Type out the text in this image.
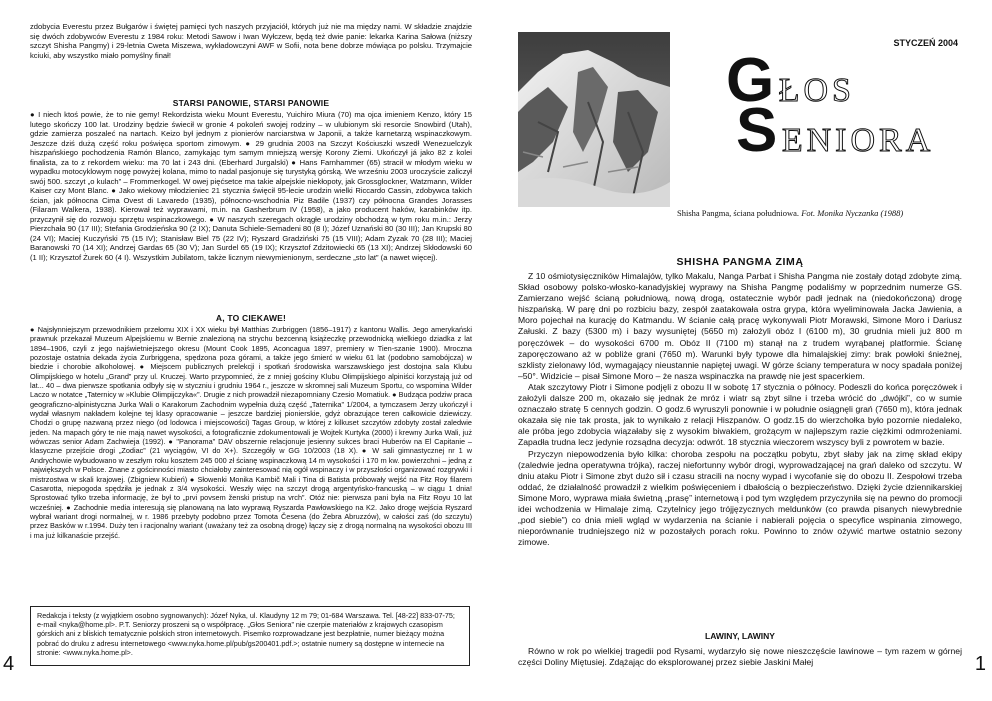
zdobycia Everestu przez Bułgarów i świętej pamięci tych naszych przyjaciół, których już nie ma między nami. W składzie znajdzie się dwóch zdobywców Everestu z 1984 roku: Metodi Sawow i Iwan Wyłczew, będą też dwie panie: lekarka Karina Sałowa (niższy szczyt Shisha Pangmy) i 29-letnia Cweta Miszewa, wykładowczyni AWF w Sofii, nota bene dobrze mówiąca po polsku. Trzymajcie kciuki, aby wszystko miało pomyślny finał!
STARSI PANOWIE, STARSI PANOWIE
● I niech ktoś powie, że to nie gemy! Rekordzista wieku Mount Everestu, Yuichiro Miura (70) ma ojca imieniem Kenzo, który 15 lutego skończy 100 lat. Urodziny będzie świecił w gronie 4 pokoleń swojej rodziny – w ulubionym ski resorcie Snowbird (Utah), gdzie zamierza poszaleć na nartach. Keizo był jednym z pionierów narciarstwa w Japonii, a także karnetarzą wspinaczkowym. Jeszcze dziś dużą część roku poświęca sportom zimowym. ● 29 grudnia 2003 na Szczyt Kościuszki wszedł Wenezuelczyk hiszpańskiego pochodzenia Ramón Blanco, zamykając tym samym mniejszą wersję Korony Ziemi. Ukończył já jako 82 z kolei finalista, za to z rekordem wieku: ma 70 lat i 243 dni. (Eberhard Jurgalski) ● Hans Farnhammer (65) stracił w młodym wieku w wypadku motocyklowym nogę powyżej kolana, mimo to nadal pasjonuje się turystyką górską. We wrześniu 2003 uroczyście zaliczył swój 500. szczyt „o kulach” – Frommerkogel. W owej pięćsetce ma takie alpejskie niekłopoty, jak Grossglockner, Watzmann, Wilder Kaiser czy Mont Blanc. ● Jako wiekowy młodzieniec 21 stycznia święcił 95-lecie urodzin wielki Riccardo Cassin, zdobywca takich ścian, jak północna Cima Ovest di Lavaredo (1935), północno-wschodnia Piz Badile (1937) czy północna Grandes Jorasses (Filaram Walkera, 1938). Kierował też wyprawami, m.in. na Gasherbrum IV (1958), a jako producent haków, karabinków itp. przyczynił się do rozwoju sprzętu wspinaczkowego. ● W naszych szeregach okrągłe urodziny obchodzą w tym roku m.in.: Jerzy Pierzchała 90 (17 III); Stefania Grodzieńska 90 (2 IX); Danuta Schiele-Semadeni 80 (8 I); Józef Uznański 80 (30 III); Jan Krupski 80 (24 VI); Maciej Kuczyński 75 (15 IV); Stanisław Biel 75 (22 IV); Ryszard Gradziński 75 (15 VIII); Adam Zyzak 70 (28 III); Maciej Baranowski 70 (14 XI); Andrzej Gardas 65 (30 V); Jan Surdel 65 (19 IX); Krzysztof Zdzitowiecki 65 (13 XI); Andrzej Skłodowski 60 (1 II); Krzysztof Żurek 60 (4 I). Wszystkim Jubilatom, także licznym niewymienionym, serdeczne „sto lat” (a nawet więcej).
A, TO CIEKAWE!
● Najsłynniejszym przewodnikiem przełomu XIX i XX wieku był Matthias Zurbriggen (1856–1917) z kantonu Wallis. Jego amerykański prawnuk przekazał Muzeum Alpejskiemu w Bernie znalezioną na strychu bezcenną książeczkę przewodnicką wielkiego dziadka z lat 1894–1906, czyli z jego najświetniejszego okresu (Mount Cook 1895, Aconcagua 1897, premiery w Tien-szanie 1900). Mroczna pozostaje ostatnia dekada życia Zurbriggena, spędzona poza górami, a także jego śmierć w wieku 61 lat (podobno samobójcza) w biedzie i chorobie alkoholowej. ● Miejscem publicznych prelekcji i spotkań środowiska warszawskiego jest dostojna sala Klubu Olimpijskiego w hotelu „Grand” przy ul. Kruczej. Warto przypomnieć, że z mniej gościny Klubu Olimpijskiego alpiniści korzystają już od lat... 40 – dwa pierwsze spotkania odbyły się w styczniu i grudniu 1964 r., jeszcze w skromnej sali Muzeum Sportu, co wspomina Wilder Laczo w notatce „Taternicy w »Klubie Olimpijczyka«”. Drugie z nich prowadził niezapomniany Czesio Momatiuk. ● Budząca podziw praca geograficzno-alpinistyczna Jurka Wali o Karakorum Zachodnim wypełnia dużą część „Taternika” 1/2004, a tymczasem Jerzy ukończył i wydał własnym nakładem kolejne tej klasy opracowanie – jeszcze bardziej pionierskie, gdyż obrazujące teren całkowicie dziewiczy. Chodzi o grupę nazwaną przez niego (od lodowca i miejscowości) Tagas Group, w której z kilkuset szczytów zdobyty został zaledwie jeden. Na mapach góry te nie mają nawet wysokości, a fotograficznie zdokumentowali je Wojtek Kurtyka (2000) i krewny Jurka Wali, już wówczas senior Adam Zachwieja (1992). ● "Panorama" DAV obszernie relacjonuje jesienny sukces braci Huberów na El Capitanie – klasyczne przejście drogi „Zodiac” (21 wyciągów, VI do X+). Szczegóły w GG 10/2003 (18 X). ● W sali gimnastycznej nr 1 w Andrychowie wybudowano w zeszłym roku kosztem 245 000 zł ścianę wspinaczkową 14 m wysokości i 170 m kw. powierzchni – jedną z największych w Polsce. Znane z gościnności miasto chciałoby zainteresować nią ogół wspinaczy i w przyszłości organizować rozgrywki i mistrzostwa w skali krajowej. (Zbigniew Kubień) ● Słowenki Monika Kambič Mali i Tina di Batista próbowały wejść na Fitz Roy filarem Casarotta, niepogoda spędziła je jednak z 3/4 wysokości. Weszły więc na szczyt drogą argentyńsko-francuską – w ciągu 1 dnia! Sprostować tylko trzeba informację, że był to „prvi povsem ženski pristup na vrch”. Otóż nie: pierwsza pani była na Fitz Royu 10 lat wcześniej. ● Zachodnie media interesują się planowaną na lato wyprawą Ryszarda Pawłowskiego na K2. Jako drogę wejścia Ryszard wybrał wariant drogi normalnej, w r. 1986 przebyty podobno przez Tomota Česena (do Żebra Abruzzów), w całości zaś (do szczytu) przez Basków w r.1994. Duży ten i racjonalny wariant (uważany też za osobną drogę) łączy się z drogą normalną na wysokości obozu III i ma już kilkanaście przejść.
Redakcja i teksty (z wyjątkiem osobno sygnowanych): Józef Nyka, ul. Klaudyny 12 m 79; 01-684 Warszawa. Tel. [48-22] 833-07-75; e-mail <nyka@home.pl>. P.T. Seniorzy proszeni są o współpracę. „Głos Seniora” nie czerpie materiałów z krajowych czasopism górskich ani z bliskich tematycznie polskich stron internetowych. Pisemko rozprowadzane jest bezpłatnie, numer bieżący można pobrać do druku z adresu internetowego <www.nyka.home.pl/pub/gs200401.pdf.>; ostatnie numery są dostępne w internecie na stronie: <www.nyka.home.pl>.
4
Shisha Pangma, ściana południowa. Fot. Monika Nyczanka (1988)
STYCZEŃ 2004
G ŁOS
S ENIORA
SHISHA PANGMA ZIMĄ

Z 10 ośmiotysięczników Himalajów, tylko Makalu, Nanga Parbat i Shisha Pangma nie zostały dotąd zdobyte zimą. Skład osobowy polsko-włosko-kanadyjskiej wyprawy na Shisha Pangmę podaliśmy w poprzednim numerze GS. Zamierzano wejść ścianą południową, nową drogą, ostatecznie wybór padł jednak na (niedokończoną) drogę hiszpańską. W parę dni po rozbiciu bazy, zespół zaatakowała ostra grypa, która wyeliminowała Jacka Jawienia, a Moro pojechał na kurację do Katmandu. W ścianie całą pracę wykonywali Piotr Morawski, Simone Moro i Dariusz Załuski. Z bazy (5300 m) i bazy wysuniętej (5650 m) założyli obóz I (6100 m), 30 grudnia mieli już 800 m poręczówek – do wysokości 6700 m. Obóz II (7100 m) stanął na z trudem wyrąbanej platformie. Ścianę zaporęczowano aż w pobliże grani (7650 m). Warunki były typowe dla himalajskiej zimy: brak powłoki śnieżnej, szklisty zielonawy lód, wymagający nieustannie napiętej uwagi. W górze ściany temperatura w nocy spadała poniżej –50°. Widzicie – pisał Simone Moro – że nasza wspinaczka na prawdę nie jest spacerkiem.

Atak szczytowy Piotr i Simone podjęli z obozu II w sobotę 17 stycznia o północy. Podeszli do końca poręczówek i założyli dalsze 200 m, okazało się jednak że mróz i wiatr są zbyt silne i trzeba wrócić do „dwójki”, co w sumie oznaczało stratę 5 cennych godzin. O godz.6 wyruszyli ponownie i w południe osiągnęli grań (7650 m), która jednak okazała się nie tak prosta, jak to wynikało z relacji Hiszpanów. O godz.15 do wierzchołka było pozornie niedaleko, ale próba jego zdobycia wiązałaby się z wysokim biwakiem, grożącym w najlepszym razie ciężkimi odmrożeniami. Zapadła trudna lecz jedynie rozsądna decyzja: odwrót. 18 stycznia wieczorem wszyscy byli z powrotem w bazie.

Przyczyn niepowodzenia było kilka: choroba zespołu na początku pobytu, zbyt słaby jak na zimę skład ekipy (zaledwie jedna operatywna trójka), raczej niefortunny wybór drogi, wyprowadzającej na grań daleko od szczytu. W dniu ataku Piotr i Simone zbyt dużo sił i czasu stracili na nocny wypad i wycofanie się do obozu II. Zespołowi trzeba oddać, że działalność prowadził z wielkim poświęceniem i dbałością o bezpieczeństwo. Dzięki życie dziennikarskiej Simone Moro, wyprawa miała świetną „prasę” internetową i pod tym względem przyczyniła się na pewno do promocji idei wchodzenia w Himalaje zimą. Czytelnicy jego trójjęzycznych meldunków (co prawda pisanych niewybrednie „pod siebie”) co dnia mieli wgląd w wydarzenia na ścianie i nabierali pojęcia o specyfice wspinania zimowego, nieporównanie trudniejszego niż w pozostałych porach roku. Powinno to znów ożywić martwe ostatnio sezony zimowe.

LAWINY, LAWINY

Równo w rok po wielkiej tragedii pod Rysami, wydarzyło się nowe nieszczęście lawinowe – tym razem w górnej części Doliny Miętusiej. Zdążając do eksplorowanej przez siebie Jaskini Małej	1
